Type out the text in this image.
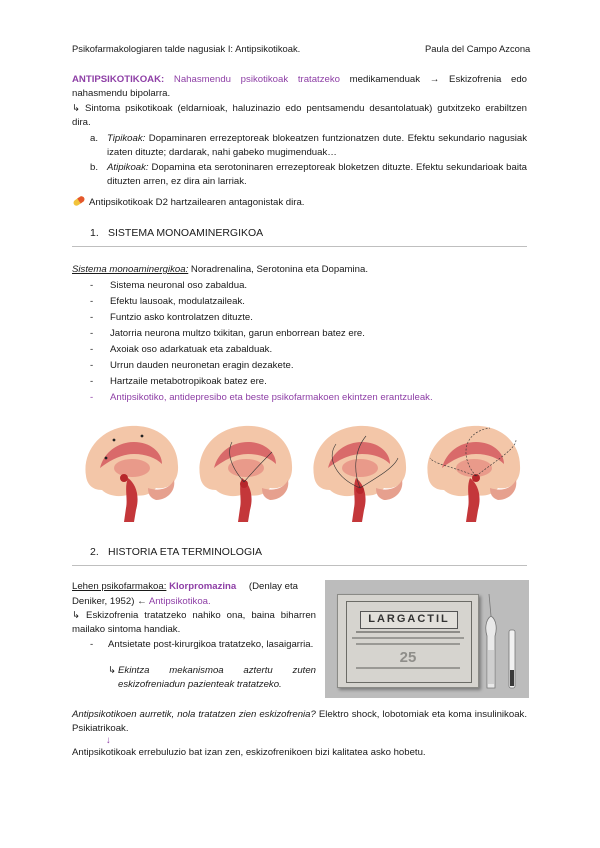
Psikofarmakologiaren talde nagusiak I: Antipsikotikoak.	Paula del Campo Azcona
ANTIPSIKOTIKOAK: Nahasmendu psikotikoak tratatzeko medikamenduak → Eskizofrenia edo nahasmendu bipolarra.
↳ Sintoma psikotikoak (eldarnioak, haluzinazio edo pentsamendu desantolatuak) gutxitzeko erabiltzen dira.
a. Tipikoak: Dopaminaren errezeptoreak blokeatzen funtzionatzen dute. Efektu sekundario nagusiak izaten dituzte; dardarak, nahi gabeko mugimenduak…
b. Atipikoak: Dopamina eta serotoninaren errezeptoreak bloketzen dituzte. Efektu sekundarioak baita dituzten arren, ez dira ain larriak.
Antipsikotikoak D2 hartzailearen antagonistak dira.
1. SISTEMA MONOAMINERGIKOA
Sistema monoaminergikoa: Noradrenalina, Serotonina eta Dopamina.
- Sistema neuronal oso zabaldua.
- Efektu lausoak, modulatzaileak.
- Funtzio asko kontrolatzen dituzte.
- Jatorria neurona multzo txikitan, garun enborrean batez ere.
- Axoiak oso adarkatuak eta zabalduak.
- Urrun dauden neuronetan eragin dezakete.
- Hartzaile metabotropikoak batez ere.
- Antipsikotiko, antidepresibo eta beste psikofarmakoen ekintzen erantzuleak.
2. HISTORIA ETA TERMINOLOGIA
Lehen psikofarmakoa: Klorpromazina (Denlay eta
Deniker, 1952) ← Antipsikotikoa.
↳ Eskizofrenia tratatzeko nahiko ona, baina biharren mailako sintoma handiak.
-	Antsietate post-kirurgikoa tratatzeko, lasaigarria.
↳ Ekintza mekanismoa aztertu zuten eskizofreniadun pazienteak tratatzeko.
LARGACTIL
25
Antipsikotikoen aurretik, nola tratatzen zien eskizofrenia? Elektro shock, lobotomiak eta koma insulinikoak. Psikiatrikoak.
↓
Antipsikotikoak errebuluzio bat izan zen, eskizofrenikoen bizi kalitatea asko hobetu.
